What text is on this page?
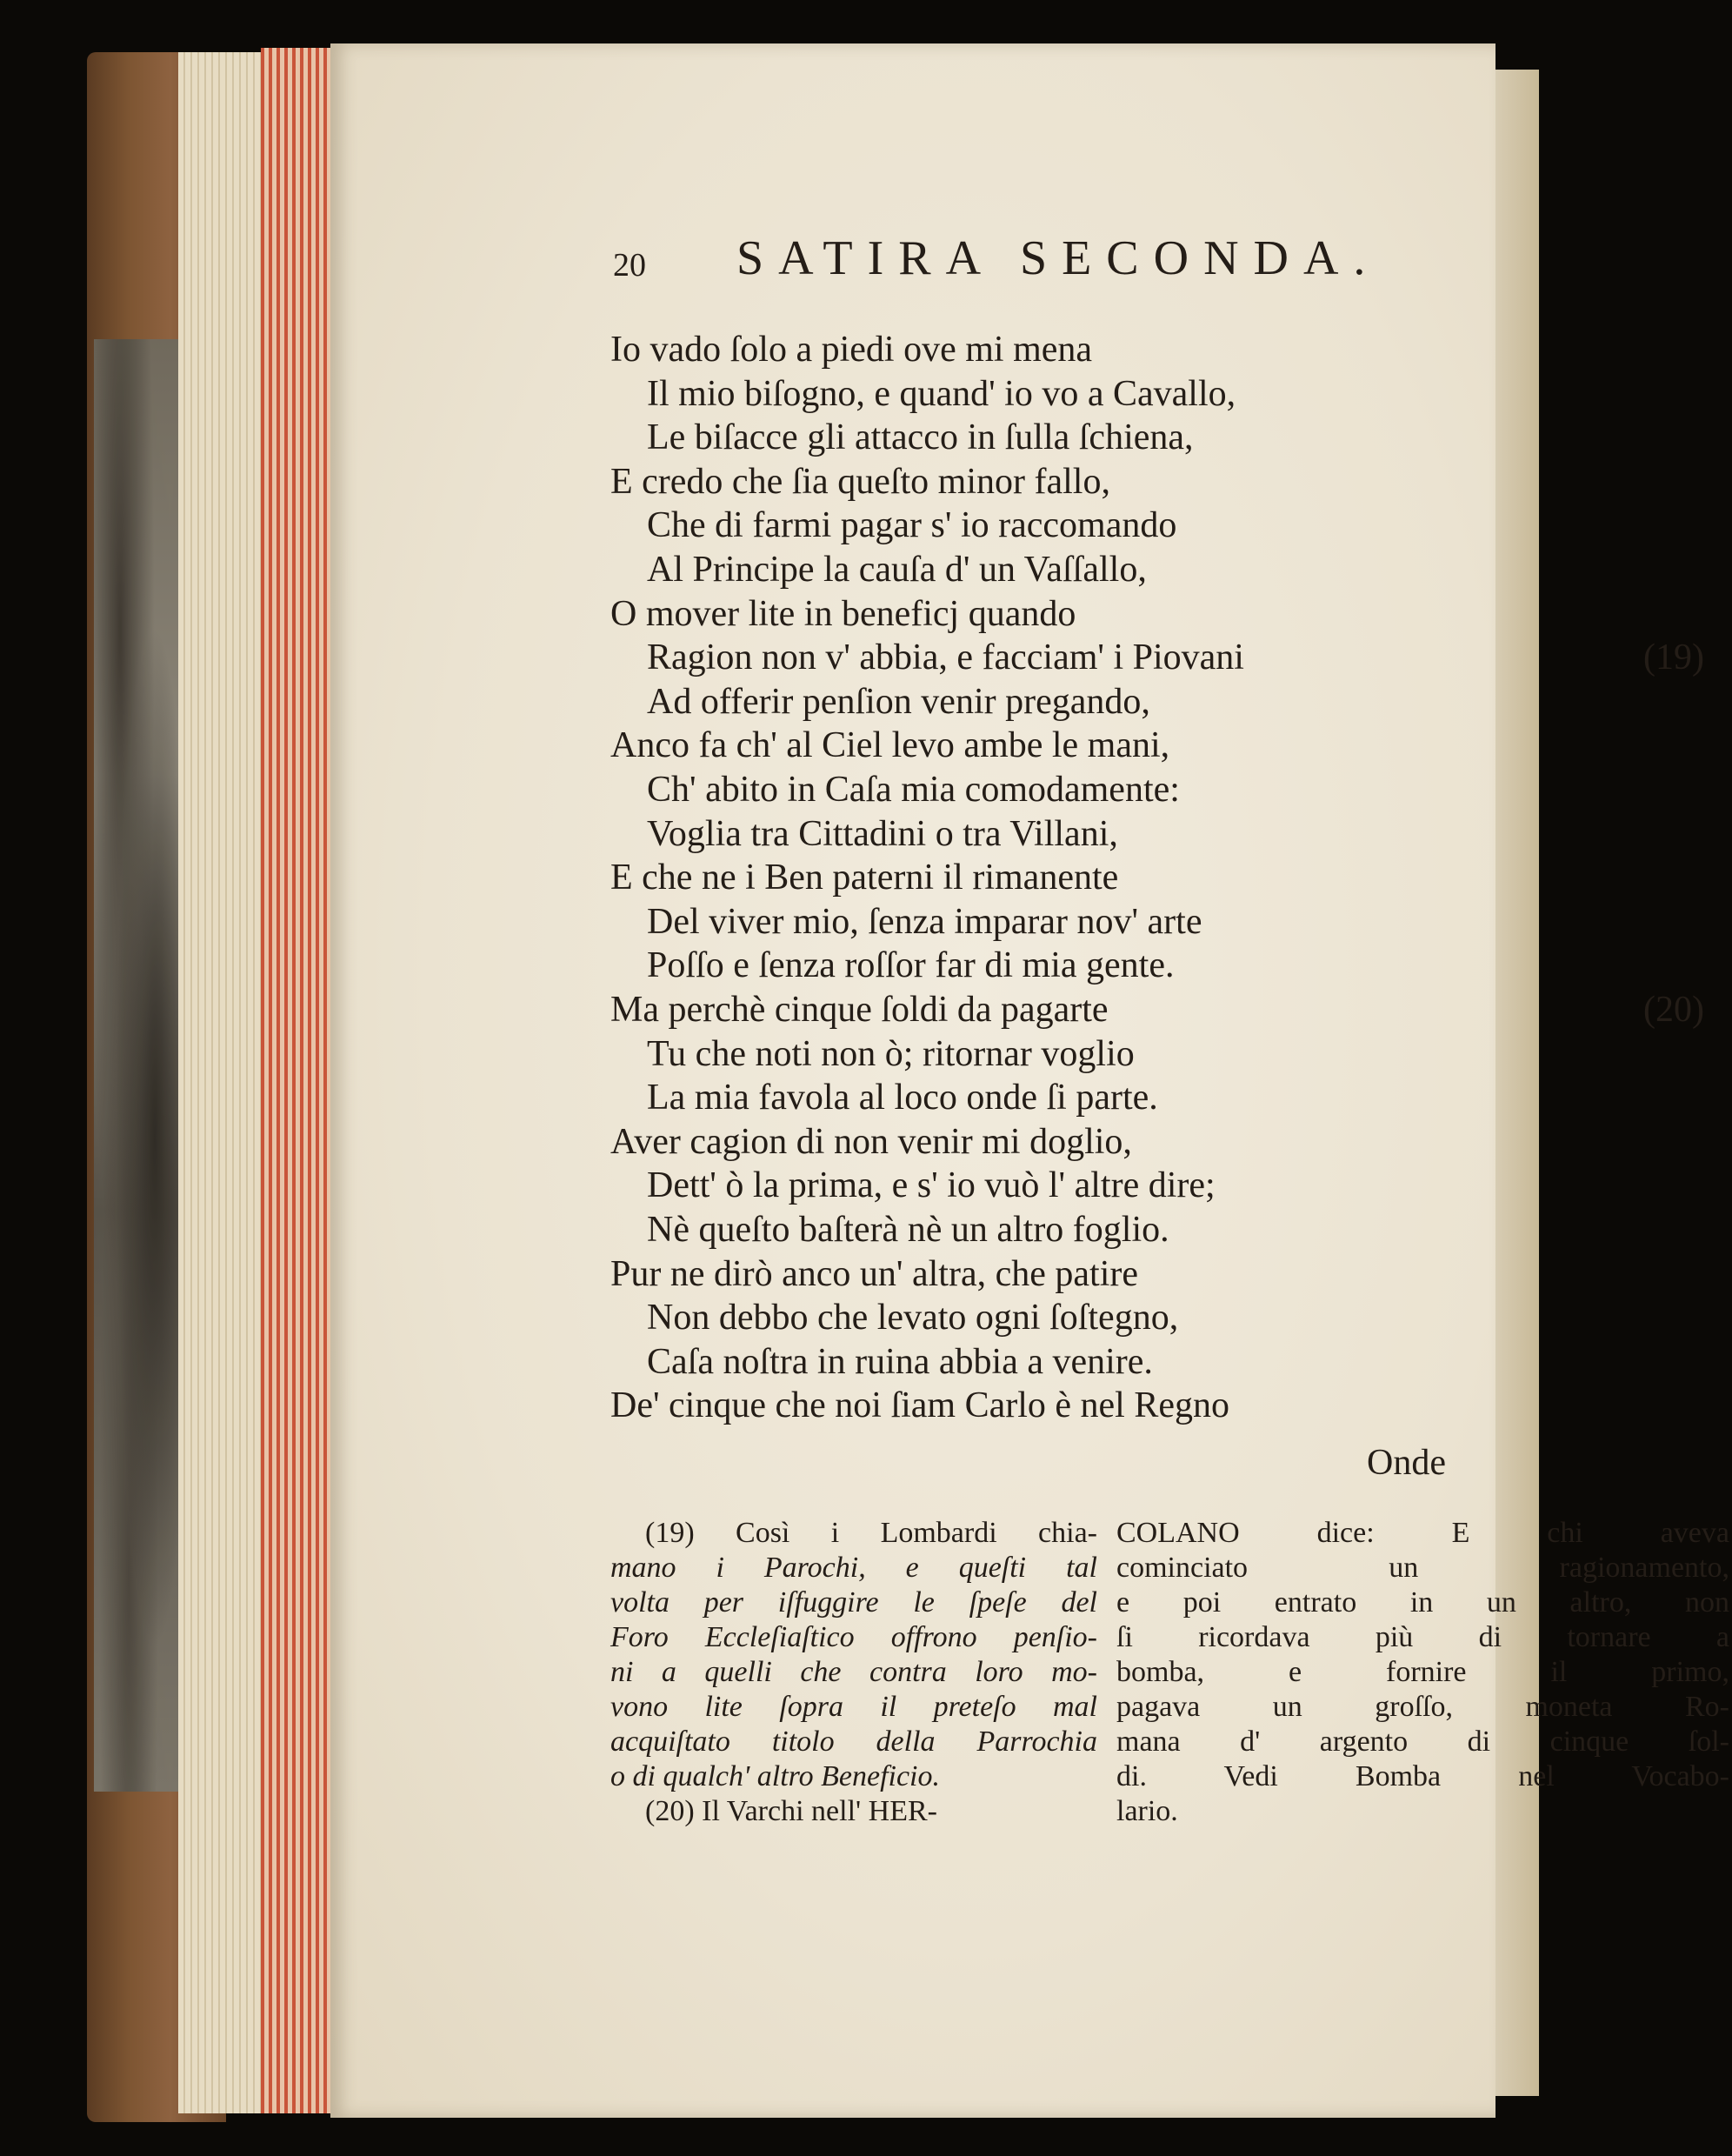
20 SATIRA SECONDA.
Io vado ſolo a piedi ove mi mena
Il mio biſogno, e quand' io vo a Cavallo,
Le biſacce gli attacco in ſulla ſchiena,
E credo che ſia queſto minor fallo,
Che di farmi pagar s' io raccomando
Al Principe la cauſa d' un Vaſſallo,
O mover lite in beneficj quando
Ragion non v' abbia, e facciam' i Piovani	(19)
Ad offerir penſion venir pregando,
Anco fa ch' al Ciel levo ambe le mani,
Ch' abito in Caſa mia comodamente:
Voglia tra Cittadini o tra Villani,
E che ne i Ben paterni il rimanente
Del viver mio, ſenza imparar nov' arte
Poſſo e ſenza roſſor far di mia gente.
Ma perchè cinque ſoldi da pagarte	(20)
Tu che noti non ò; ritornar voglio
La mia favola al loco onde ſi parte.
Aver cagion di non venir mi doglio,
Dett' ò la prima, e s' io vuò l' altre dire;
Nè queſto baſterà nè un altro foglio.
Pur ne dirò anco un' altra, che patire
Non debbo che levato ogni ſoſtegno,
Caſa noſtra in ruina abbia a venire.
De' cinque che noi ſiam Carlo è nel Regno
Onde
(19) Così i Lombardi chia-
mano i Parochi, e queſti tal
volta per iſfuggire le ſpeſe del
Foro Eccleſiaſtico offrono penſio-
ni a quelli che contra loro mo-
vono lite ſopra il preteſo mal
acquiſtato titolo della Parrochia
o di qualch' altro Beneficio.
(20) Il Varchi nell' HER-
COLANO dice: E chi aveva
cominciato un ragionamento,
e poi entrato in un altro, non
ſi ricordava più di tornare a
bomba, e fornire il primo,
pagava un groſſo, moneta Ro-
mana d' argento di cinque ſol-
di. Vedi Bomba nel Vocabo-
lario.
